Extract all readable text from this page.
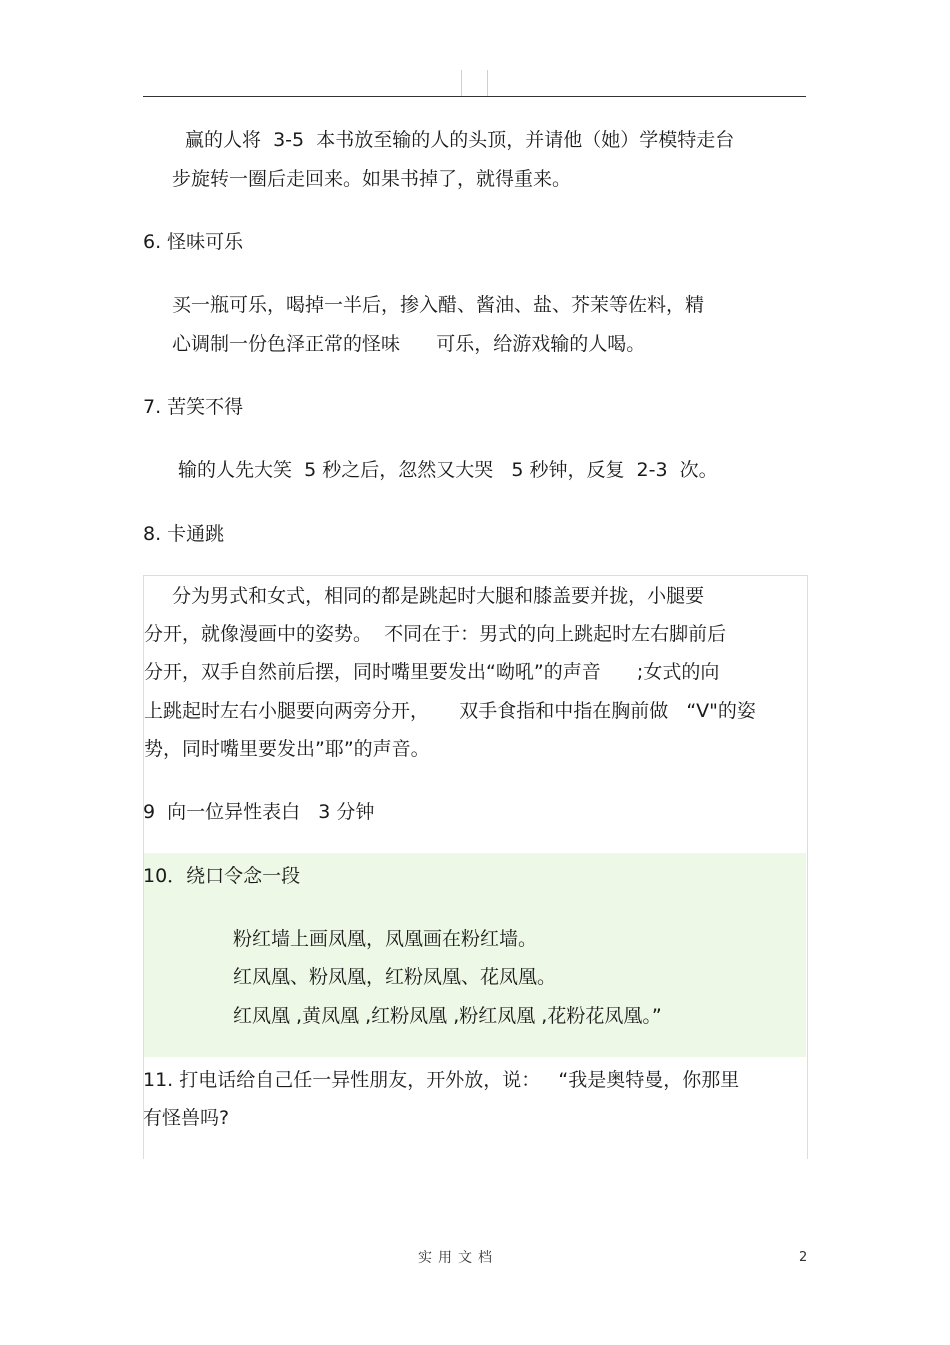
赢的人将  3-5  本书放至输的人的头顶，并请他（她）学模特走台
步旋转一圈后走回来。如果书掉了，就得重来。
6. 怪味可乐
买一瓶可乐，喝掉一半后，掺入醋、酱油、盐、芥茉等佐料，精
心调制一份色泽正常的怪味      可乐，给游戏输的人喝。
7. 苦笑不得
输的人先大笑  5 秒之后，忽然又大哭   5 秒钟，反复  2-3  次。
8. 卡通跳
分为男式和女式，相同的都是跳起时大腿和膝盖要并拢，小腿要
分开，就像漫画中的姿势。  不同在于：男式的向上跳起时左右脚前后
分开，双手自然前后摆，同时嘴里要发出“呦吼”的声音      ;女式的向
上跳起时左右小腿要向两旁分开，     双手食指和中指在胸前做   “V"的姿
势，同时嘴里要发出”耶”的声音。
9  向一位异性表白   3 分钟
10．绕口令念一段
粉红墙上画凤凰，凤凰画在粉红墙。
红凤凰、粉凤凰，红粉凤凰、花凤凰。
红凤凰 ,黄凤凰 ,红粉凤凰 ,粉红凤凰 ,花粉花凤凰。”
11. 打电话给自己任一异性朋友，开外放，说：   “我是奥特曼，你那里
有怪兽吗?
实用文档	2
